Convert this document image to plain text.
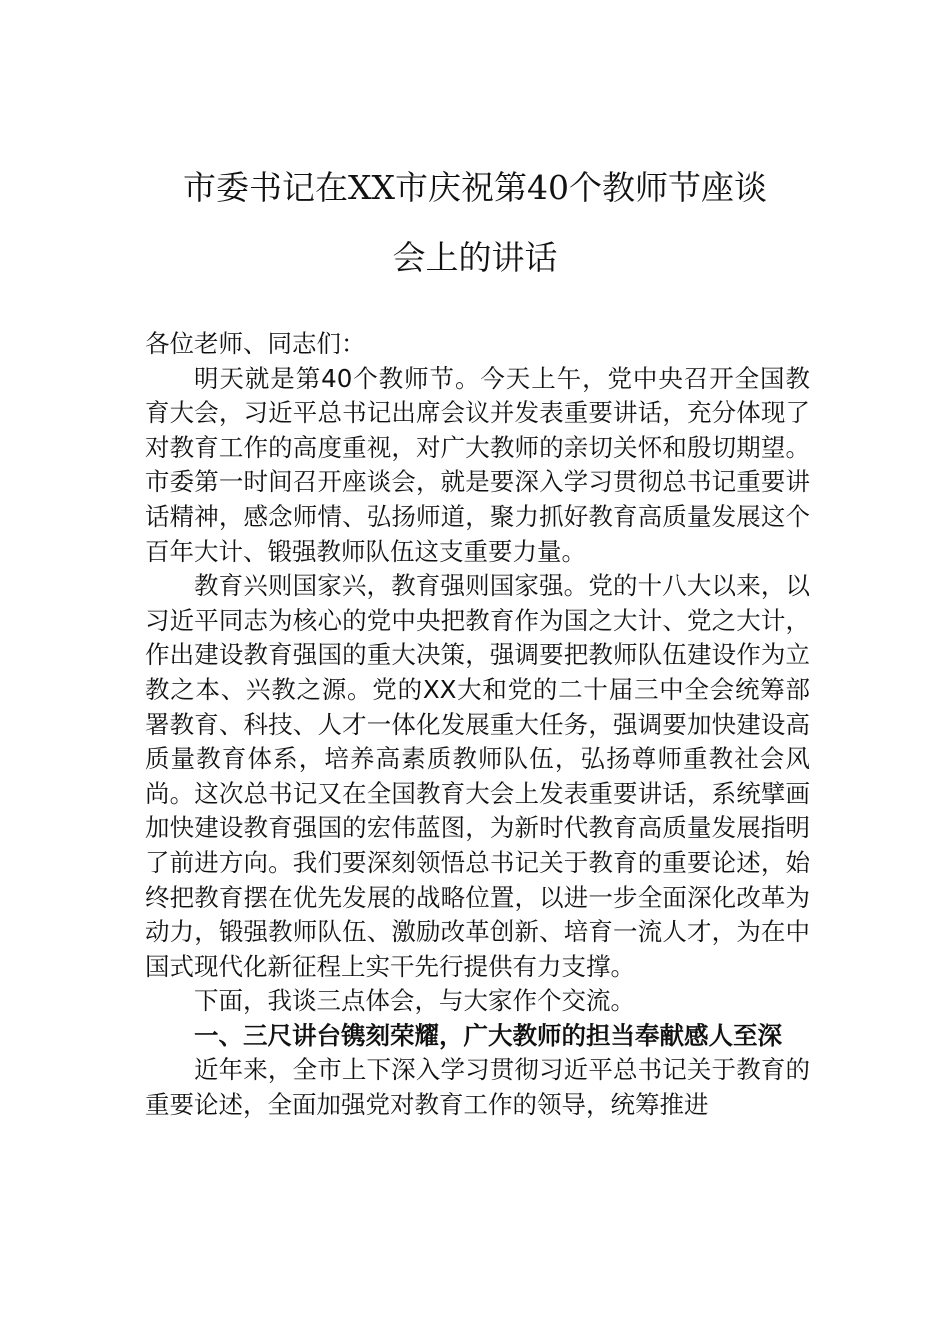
市委书记在XX市庆祝第40个教师节座谈
会上的讲话

各位老师、同志们：

明天就是第40个教师节。今天上午，党中央召开全国教育大会，习近平总书记出席会议并发表重要讲话，充分体现了对教育工作的高度重视，对广大教师的亲切关怀和殷切期望。市委第一时间召开座谈会，就是要深入学习贯彻总书记重要讲话精神，感念师情、弘扬师道，聚力抓好教育高质量发展这个百年大计、锻强教师队伍这支重要力量。

教育兴则国家兴，教育强则国家强。党的十八大以来，以习近平同志为核心的党中央把教育作为国之大计、党之大计，作出建设教育强国的重大决策，强调要把教师队伍建设作为立教之本、兴教之源。党的XX大和党的二十届三中全会统筹部署教育、科技、人才一体化发展重大任务，强调要加快建设高质量教育体系，培养高素质教师队伍，弘扬尊师重教社会风尚。这次总书记又在全国教育大会上发表重要讲话，系统擘画加快建设教育强国的宏伟蓝图，为新时代教育高质量发展指明了前进方向。我们要深刻领悟总书记关于教育的重要论述，始终把教育摆在优先发展的战略位置，以进一步全面深化改革为动力，锻强教师队伍、激励改革创新、培育一流人才，为在中国式现代化新征程上实干先行提供有力支撑。

下面，我谈三点体会，与大家作个交流。

一、三尺讲台镌刻荣耀，广大教师的担当奉献感人至深

近年来，全市上下深入学习贯彻习近平总书记关于教育的重要论述，全面加强党对教育工作的领导，统筹推进
